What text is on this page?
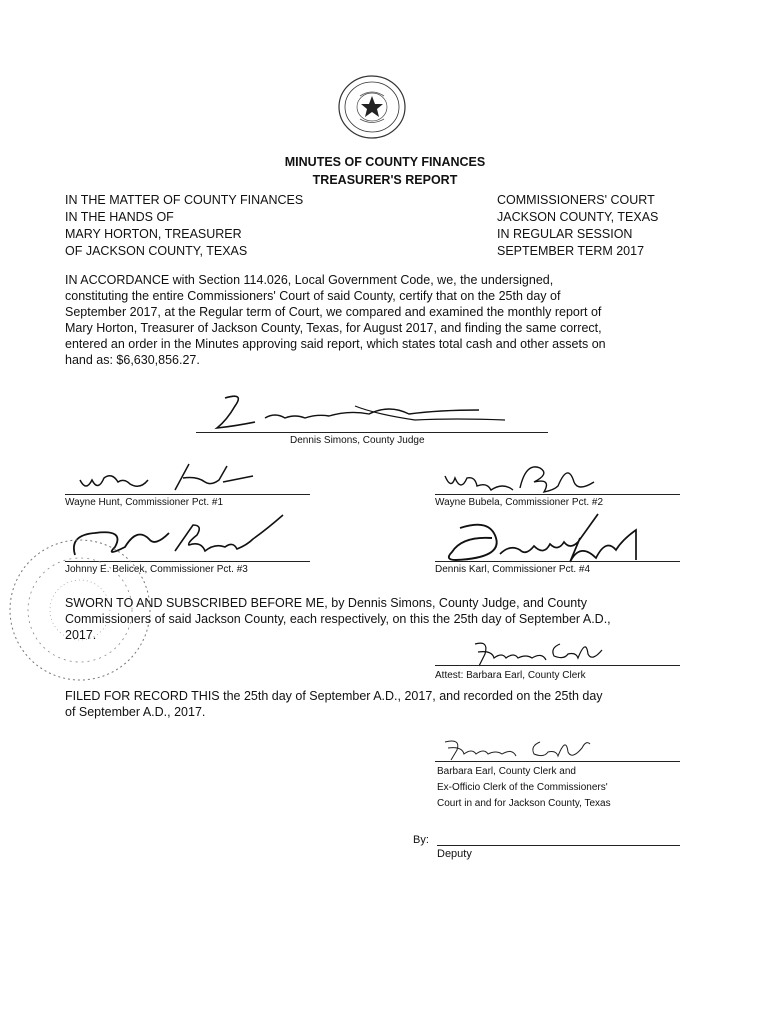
MINUTES OF COUNTY FINANCES
TREASURER'S REPORT
IN THE MATTER OF COUNTY FINANCES
IN THE HANDS OF
MARY HORTON, TREASURER
OF JACKSON COUNTY, TEXAS
COMMISSIONERS' COURT
JACKSON COUNTY, TEXAS
IN REGULAR SESSION
SEPTEMBER TERM 2017
IN ACCORDANCE with Section 114.026, Local Government Code, we, the undersigned,
constituting the entire Commissioners' Court of said County, certify that on the 25th day of
September 2017, at the Regular term of Court, we compared and examined the monthly report of
Mary Horton, Treasurer of Jackson County, Texas, for August 2017, and finding the same correct,
entered an order in the Minutes approving said report, which states total cash and other assets on
hand as: $6,630,856.27.
Dennis Simons, County Judge
Wayne Hunt, Commissioner Pct. #1	Wayne Bubela, Commissioner Pct. #2
Johnny E. Belicek, Commissioner Pct. #3	Dennis Karl, Commissioner Pct. #4
SWORN TO AND SUBSCRIBED BEFORE ME, by Dennis Simons, County Judge, and County
Commissioners of said Jackson County, each respectively, on this the 25th day of September A.D.,
2017.
Attest: Barbara Earl, County Clerk
FILED FOR RECORD THIS the 25th day of September A.D., 2017, and recorded on the 25th day
of September A.D., 2017.
Barbara Earl, County Clerk and
Ex-Officio Clerk of the Commissioners'
Court in and for Jackson County, Texas
By:
Deputy
